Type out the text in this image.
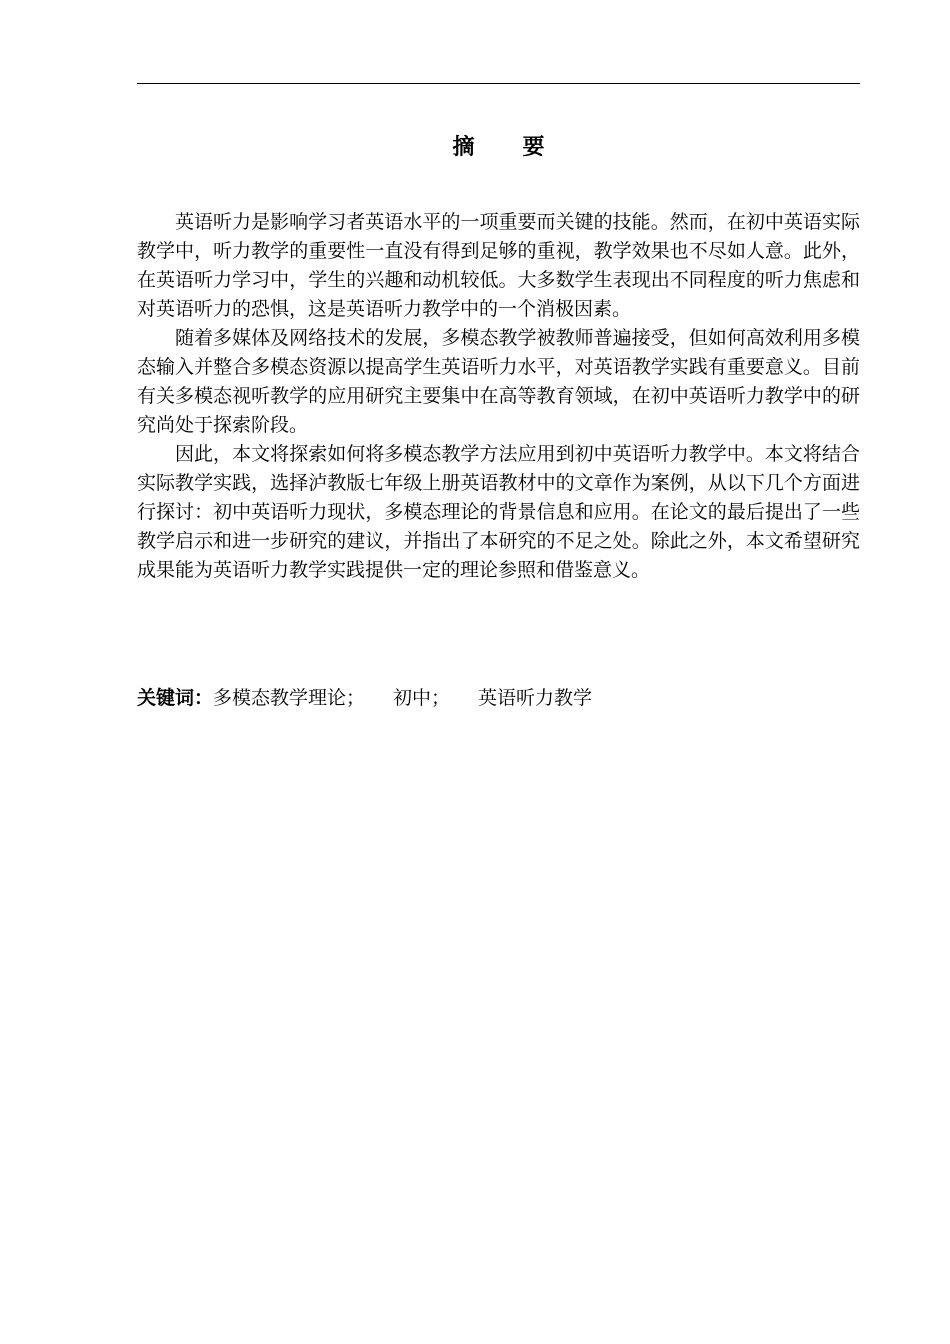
摘要

英语听力是影响学习者英语水平的一项重要而关键的技能。然而，在初中英语实际教学中，听力教学的重要性一直没有得到足够的重视，教学效果也不尽如人意。此外，在英语听力学习中，学生的兴趣和动机较低。大多数学生表现出不同程度的听力焦虑和对英语听力的恐惧，这是英语听力教学中的一个消极因素。

随着多媒体及网络技术的发展，多模态教学被教师普遍接受，但如何高效利用多模态输入并整合多模态资源以提高学生英语听力水平，对英语教学实践有重要意义。目前有关多模态视听教学的应用研究主要集中在高等教育领域，在初中英语听力教学中的研究尚处于探索阶段。

因此，本文将探索如何将多模态教学方法应用到初中英语听力教学中。本文将结合实际教学实践，选择泸教版七年级上册英语教材中的文章作为案例，从以下几个方面进行探讨：初中英语听力现状，多模态理论的背景信息和应用。在论文的最后提出了一些教学启示和进一步研究的建议，并指出了本研究的不足之处。除此之外，本文希望研究成果能为英语听力教学实践提供一定的理论参照和借鉴意义。

关键词：多模态教学理论； 初中； 英语听力教学
